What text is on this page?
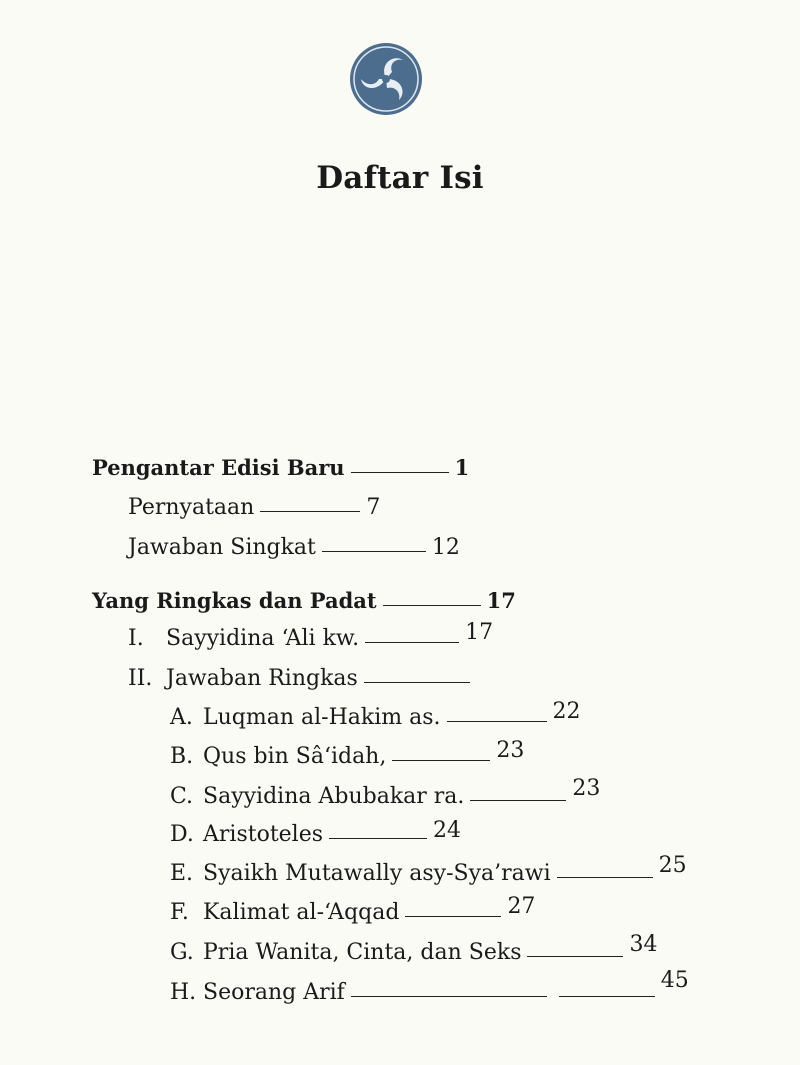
Daftar Isi
Pengantar Edisi Baru	1
Pernyataan	7
Jawaban Singkat	12
Yang Ringkas dan Padat	17
I.	Sayyidina ‘Ali kw.	17
II. Jawaban Ringkas
A. Luqman al-Hakim as.	22
B. Qus bin Sâ‘idah,	23
C. Sayyidina Abubakar ra.	23
D. Aristoteles	24
E. Syaikh Mutawally asy-Sya’rawi	25
F. Kalimat al-‘Aqqad	27
G. Pria Wanita, Cinta, dan Seks	34
H. Seorang Arif	45
